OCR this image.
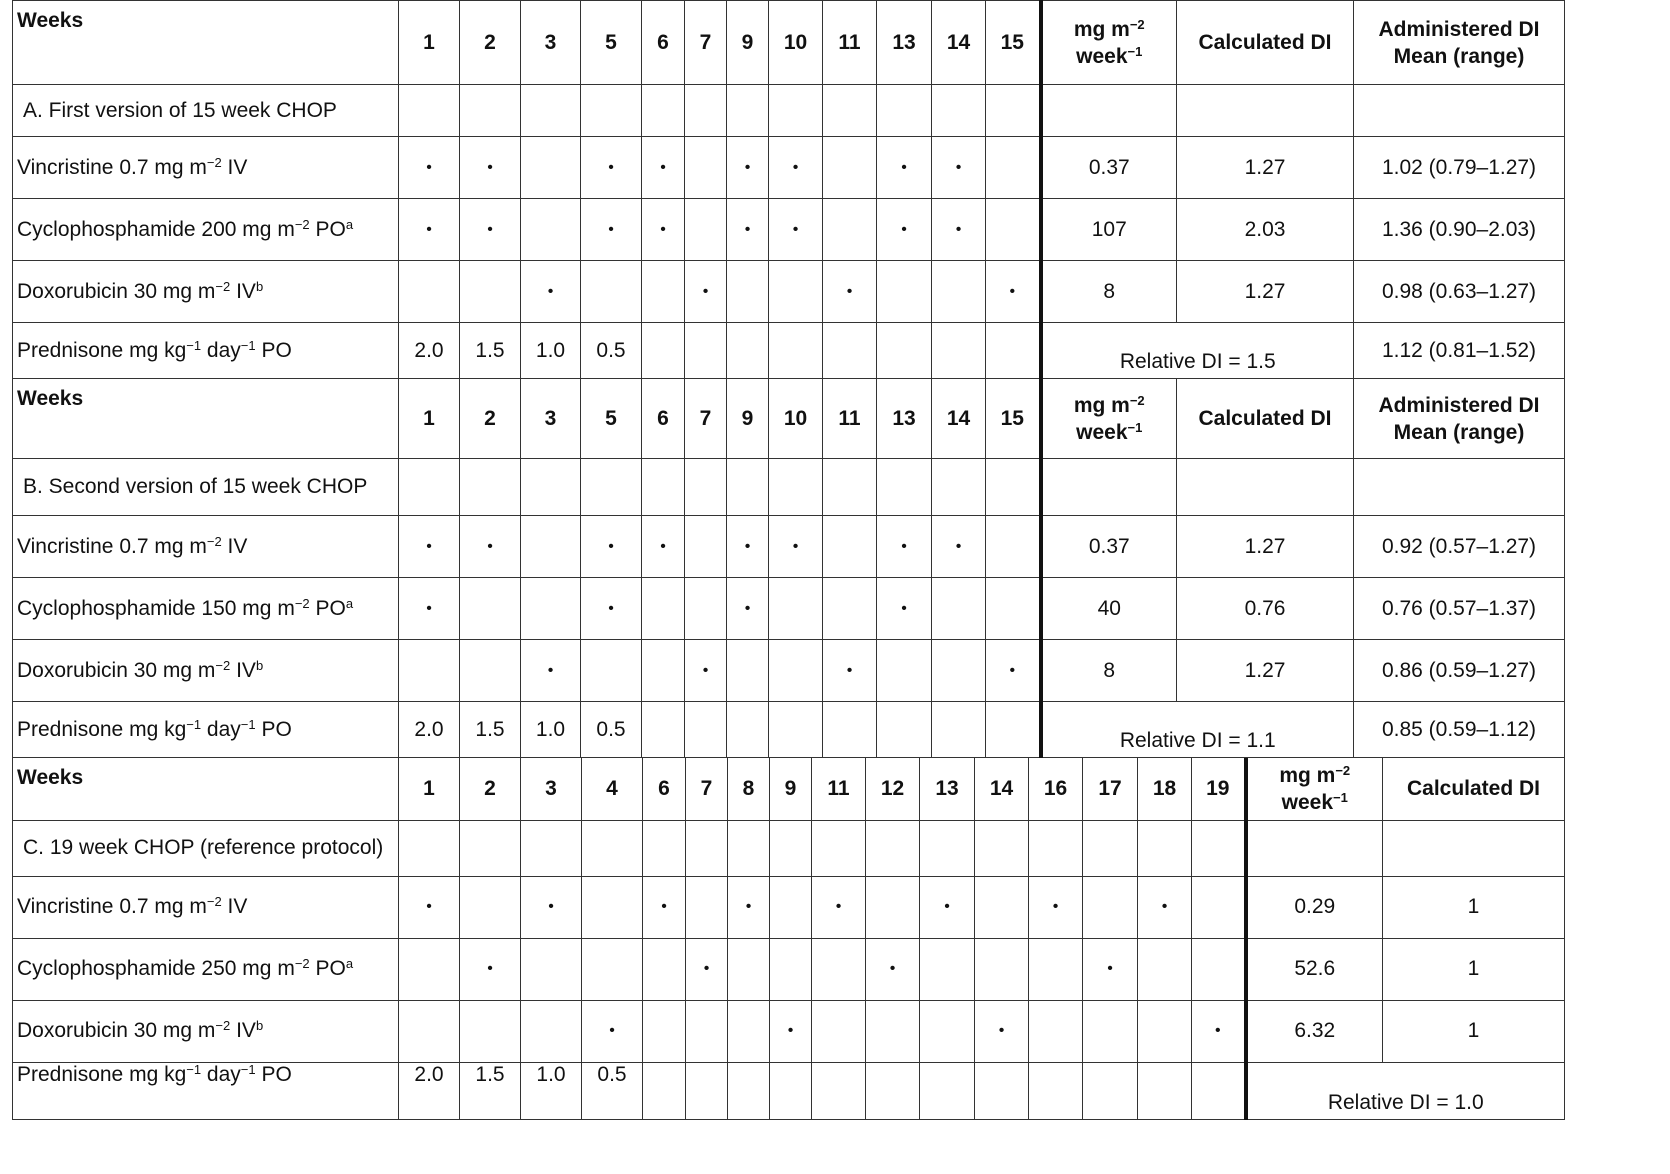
Weeks	1	2	3	5	6	7	9	10	11	13	14	15	mg $m^{-2}$
week$^{-1}$	Calculated DI	Administered DI
Mean (range)
A. First version of 15 week CHOP															
Vincristine 0.7 mg $m^{-2}$ IV	•	•		•	•		•	•		•	•		0.37	1.27	1.02 (0.79–1.27)
Cyclophosphamide 200 mg $m^{-2}$ $PO^a$	•	•		•	•		•	•		•	•		107	2.03	1.36 (0.90–2.03)
Doxorubicin 30 mg $m^{-2}$ $IV^b$			•			•			•			•	8	1.27	0.98 (0.63–1.27)
Prednisone mg $kg^{-1}$ day$^{-1}$ PO	2.0	1.5	1.0	0.5									Relative DI = 1.5		1.12 (0.81–1.52)
Weeks	1	2	3	5	6	7	9	10	11	13	14	15	mg $m^{-2}$
week$^{-1}$	Calculated DI	Administered DI
Mean (range)
B. Second version of 15 week CHOP															
Vincristine 0.7 mg $m^{-2}$ IV	•	•		•	•		•	•		•	•		0.37	1.27	0.92 (0.57–1.27)
Cyclophosphamide 150 mg $m^{-2}$ $PO^a$	•			•			•			•			40	0.76	0.76 (0.57–1.37)
Doxorubicin 30 mg $m^{-2}$ $IV^b$			•			•			•			•	8	1.27	0.86 (0.59–1.27)
Prednisone mg $kg^{-1}$ day$^{-1}$ PO	2.0	1.5	1.0	0.5									Relative DI = 1.1		0.85 (0.59–1.12)
Weeks	1	2	3	4	6	7	8	9	11	12	13	14	16	17	18	19	mg $m^{-2}$
week$^{-1}$	Calculated DI
C. 19 week CHOP (reference protocol)																		
Vincristine 0.7 mg $m^{-2}$ IV	•		•		•		•		•		•		•		•		0.29	1
Cyclophosphamide 250 mg $m^{-2}$ $PO^a$		•				•				•				•			52.6	1
Doxorubicin 30 mg $m^{-2}$ $IV^b$				•				•				•				•	6.32	1
Prednisone mg $kg^{-1}$ day$^{-1}$ PO	2.0	1.5	1.0	0.5													Relative DI = 1.0	
